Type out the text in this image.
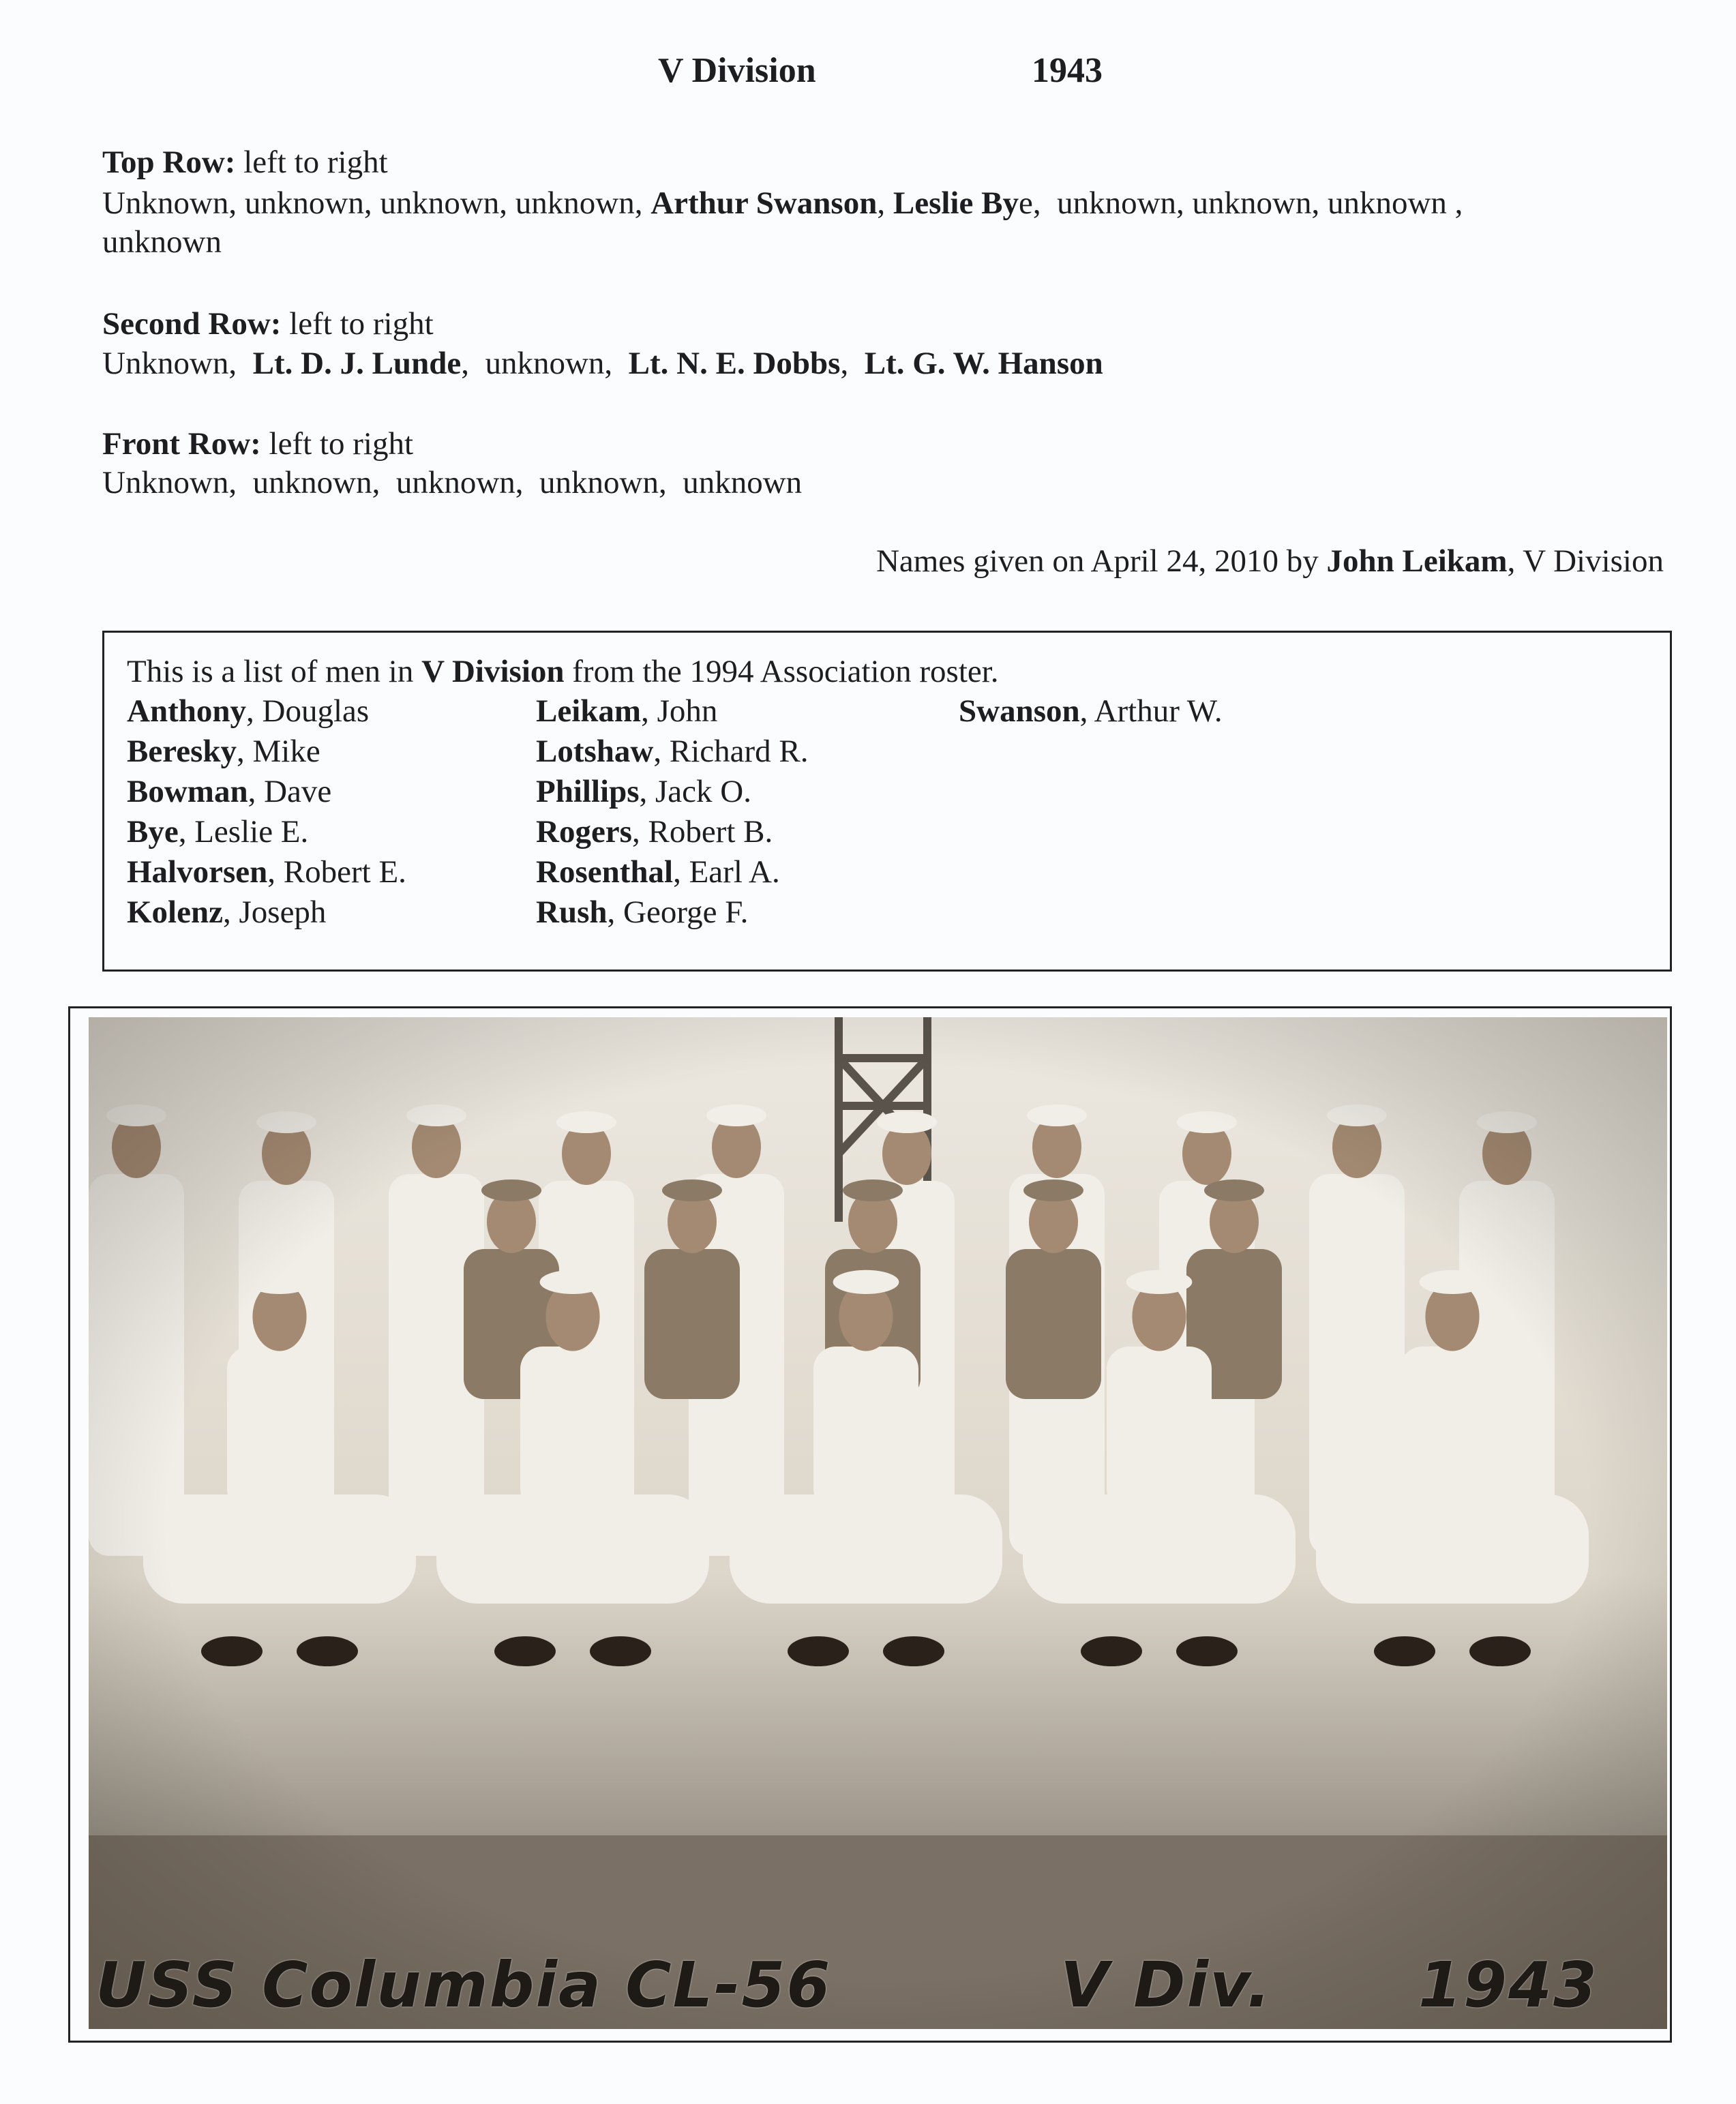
V Division	1943
Top Row: left to right
Unknown, unknown, unknown, unknown, Arthur Swanson, Leslie Bye,  unknown, unknown, unknown ,
unknown
Second Row: left to right
Unknown,  Lt. D. J. Lunde,  unknown,  Lt. N. E. Dobbs,  Lt. G. W. Hanson
Front Row: left to right
Unknown,  unknown,  unknown,  unknown,  unknown
Names given on April 24, 2010 by John Leikam, V Division
This is a list of men in V Division from the 1994 Association roster.
Anthony, Douglas
Beresky, Mike
Bowman, Dave
Bye, Leslie E.
Halvorsen, Robert E.
Kolenz, Joseph
Leikam, John
Lotshaw, Richard R.
Phillips, Jack O.
Rogers, Robert B.
Rosenthal, Earl A.
Rush, George F.
Swanson, Arthur W.
USS Columbia CL-56	V Div. 1943
